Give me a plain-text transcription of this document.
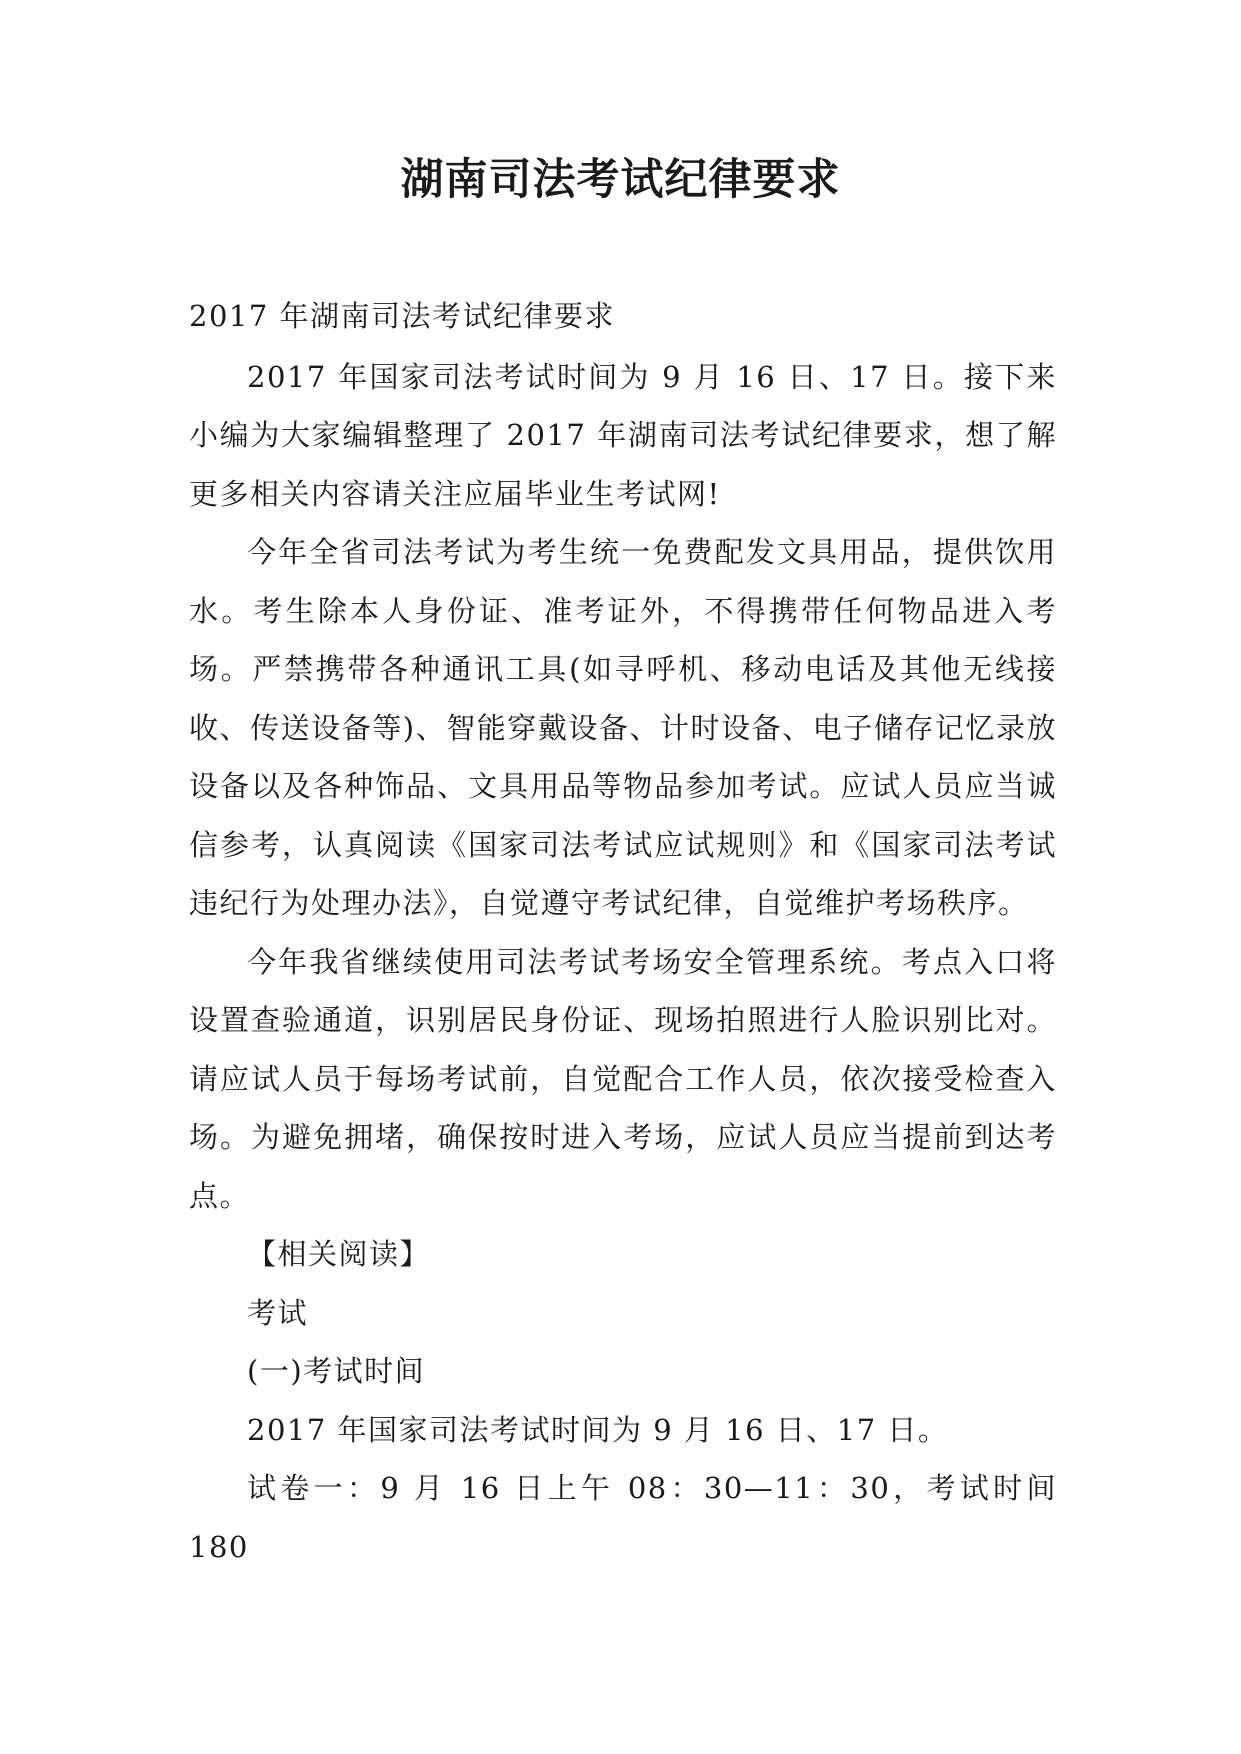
湖南司法考试纪律要求

2017 年湖南司法考试纪律要求

2017 年国家司法考试时间为 9 月 16 日、17 日。接下来小编为大家编辑整理了 2017 年湖南司法考试纪律要求，想了解更多相关内容请关注应届毕业生考试网!

今年全省司法考试为考生统一免费配发文具用品，提供饮用水。考生除本人身份证、准考证外，不得携带任何物品进入考场。严禁携带各种通讯工具(如寻呼机、移动电话及其他无线接收、传送设备等)、智能穿戴设备、计时设备、电子储存记忆录放设备以及各种饰品、文具用品等物品参加考试。应试人员应当诚信参考，认真阅读《国家司法考试应试规则》和《国家司法考试违纪行为处理办法》，自觉遵守考试纪律，自觉维护考场秩序。

今年我省继续使用司法考试考场安全管理系统。考点入口将设置查验通道，识别居民身份证、现场拍照进行人脸识别比对。请应试人员于每场考试前，自觉配合工作人员，依次接受检查入场。为避免拥堵，确保按时进入考场，应试人员应当提前到达考点。

【相关阅读】

考试

(一)考试时间

2017 年国家司法考试时间为 9 月 16 日、17 日。

试卷一：9 月 16 日上午 08：30—11：30，考试时间 180
